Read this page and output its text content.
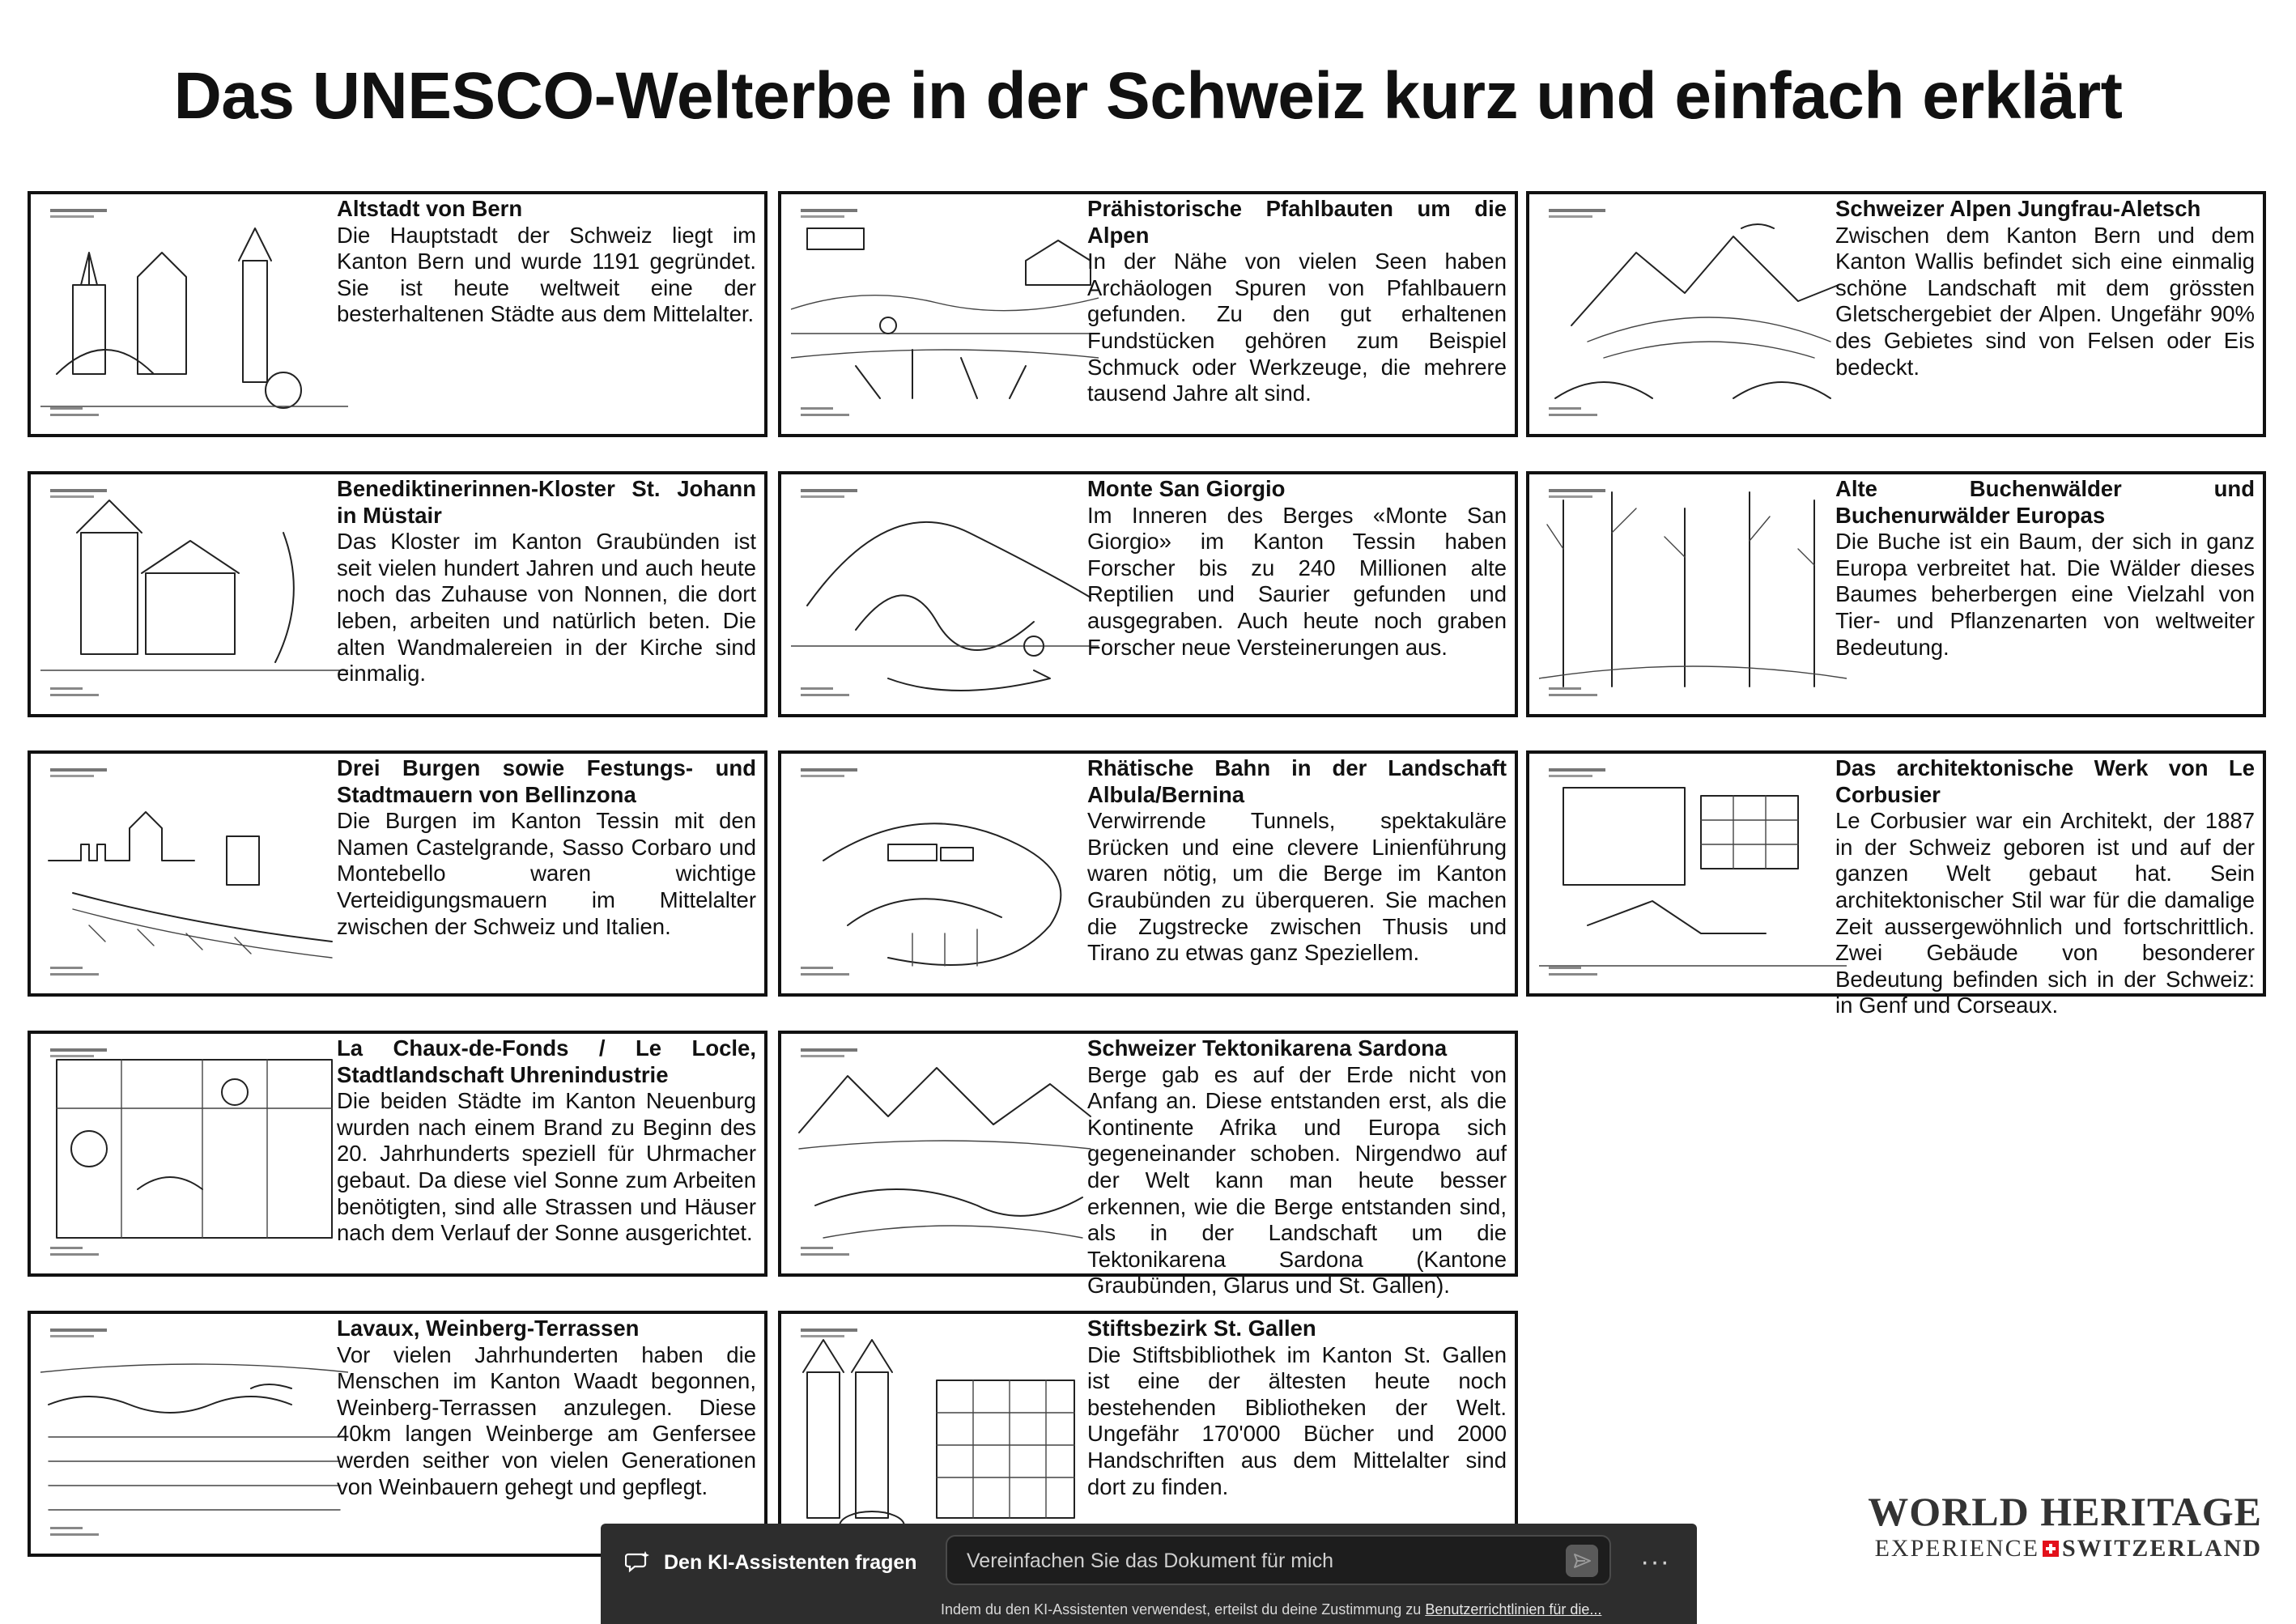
Das UNESCO-Welterbe in der Schweiz kurz und einfach erklärt
Altstadt von Bern
Die Hauptstadt der Schweiz liegt im Kanton Bern und wurde 1191 gegründet. Sie ist heute weltweit eine der besterhaltenen Städte aus dem Mittelalter.
Prähistorische Pfahlbauten um die Alpen
In der Nähe von vielen Seen haben Archäologen Spuren von Pfahlbauern gefunden. Zu den gut erhaltenen Fundstücken gehören zum Beispiel Schmuck oder Werkzeuge, die mehrere tausend Jahre alt sind.
Schweizer Alpen Jungfrau-Aletsch
Zwischen dem Kanton Bern und dem Kanton Wallis befindet sich eine einmalig schöne Landschaft mit dem grössten Gletschergebiet der Alpen. Ungefähr 90% des Gebietes sind von Felsen oder Eis bedeckt.
Benediktinerinnen-Kloster St. Johann in Müstair
Das Kloster im Kanton Graubünden ist seit vielen hundert Jahren und auch heute noch das Zuhause von Nonnen, die dort leben, arbeiten und natürlich beten. Die alten Wandmalereien in der Kirche sind einmalig.
Monte San Giorgio
Im Inneren des Berges «Monte San Giorgio» im Kanton Tessin haben Forscher bis zu 240 Millionen alte Reptilien und Saurier gefunden und ausgegraben. Auch heute noch graben Forscher neue Versteinerungen aus.
Alte Buchenwälder und Buchenurwälder Europas
Die Buche ist ein Baum, der sich in ganz Europa verbreitet hat. Die Wälder dieses Baumes beherbergen eine Vielzahl von Tier- und Pflanzenarten von weltweiter Bedeutung.
Drei Burgen sowie Festungs- und Stadtmauern von Bellinzona
Die Burgen im Kanton Tessin mit den Namen Castelgrande, Sasso Corbaro und Montebello waren wichtige Verteidigungsmauern im Mittelalter zwischen der Schweiz und Italien.
Rhätische Bahn in der Landschaft Albula/Bernina
Verwirrende Tunnels, spektakuläre Brücken und eine clevere Linienführung waren nötig, um die Berge im Kanton Graubünden zu überqueren. Sie machen die Zugstrecke zwischen Thusis und Tirano zu etwas ganz Speziellem.
Das architektonische Werk von Le Corbusier
Le Corbusier war ein Architekt, der 1887 in der Schweiz geboren ist und auf der ganzen Welt gebaut hat. Sein architektonischer Stil war für die damalige Zeit aussergewöhnlich und fortschrittlich. Zwei Gebäude von besonderer Bedeutung befinden sich in der Schweiz: in Genf und Corseaux.
La Chaux-de-Fonds / Le Locle, Stadtlandschaft Uhrenindustrie
Die beiden Städte im Kanton Neuenburg wurden nach einem Brand zu Beginn des 20. Jahrhunderts speziell für Uhrmacher gebaut. Da diese viel Sonne zum Arbeiten benötigten, sind alle Strassen und Häuser nach dem Verlauf der Sonne ausgerichtet.
Schweizer Tektonikarena Sardona
Berge gab es auf der Erde nicht von Anfang an. Diese entstanden erst, als die Kontinente Afrika und Europa sich gegeneinander schoben. Nirgendwo auf der Welt kann man heute besser erkennen, wie die Berge entstanden sind, als in der Landschaft um die Tektonikarena Sardona (Kantone Graubünden, Glarus und St. Gallen).
Lavaux, Weinberg-Terrassen
Vor vielen Jahrhunderten haben die Menschen im Kanton Waadt begonnen, Weinberg-Terrassen anzulegen. Diese 40km langen Weinberge am Genfersee werden seither von vielen Generationen von Weinbauern gehegt und gepflegt.
Stiftsbezirk St. Gallen
Die Stiftsbibliothek im Kanton St. Gallen ist eine der ältesten heute noch bestehenden Bibliotheken der Welt. Ungefähr 170'000 Bücher und 2000 Handschriften aus dem Mittelalter sind dort zu finden.
WORLD HERITAGE
EXPERIENCE SWITZERLAND
Den KI-Assistenten fragen Vereinfachen Sie das Dokument für mich	···
Indem du den KI-Assistenten verwendest, erteilst du deine Zustimmung zu Benutzerrichtlinien für die...
